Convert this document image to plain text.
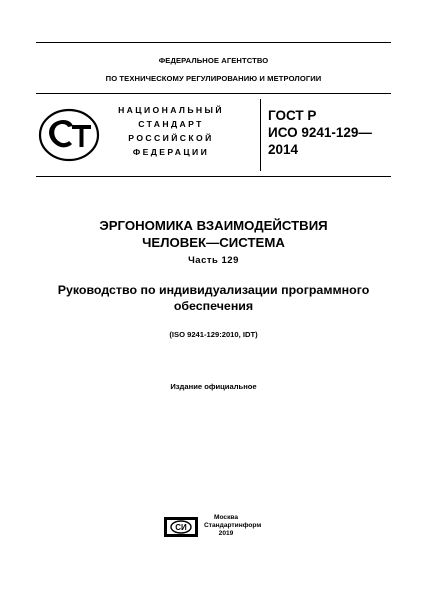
ФЕДЕРАЛЬНОЕ АГЕНТСТВО
ПО ТЕХНИЧЕСКОМУ РЕГУЛИРОВАНИЮ И МЕТРОЛОГИИ
НАЦИОНАЛЬНЫЙ
СТАНДАРТ
РОССИЙСКОЙ
ФЕДЕРАЦИИ
ГОСТ Р
ИСО 9241-129—
2014
ЭРГОНОМИКА ВЗАИМОДЕЙСТВИЯ
ЧЕЛОВЕК—СИСТЕМА
Часть 129
Руководство по индивидуализации программного
обеспечения
(ISO 9241-129:2010, IDT)
Издание официальное
СИ
Москва
Стандартинформ
2019
